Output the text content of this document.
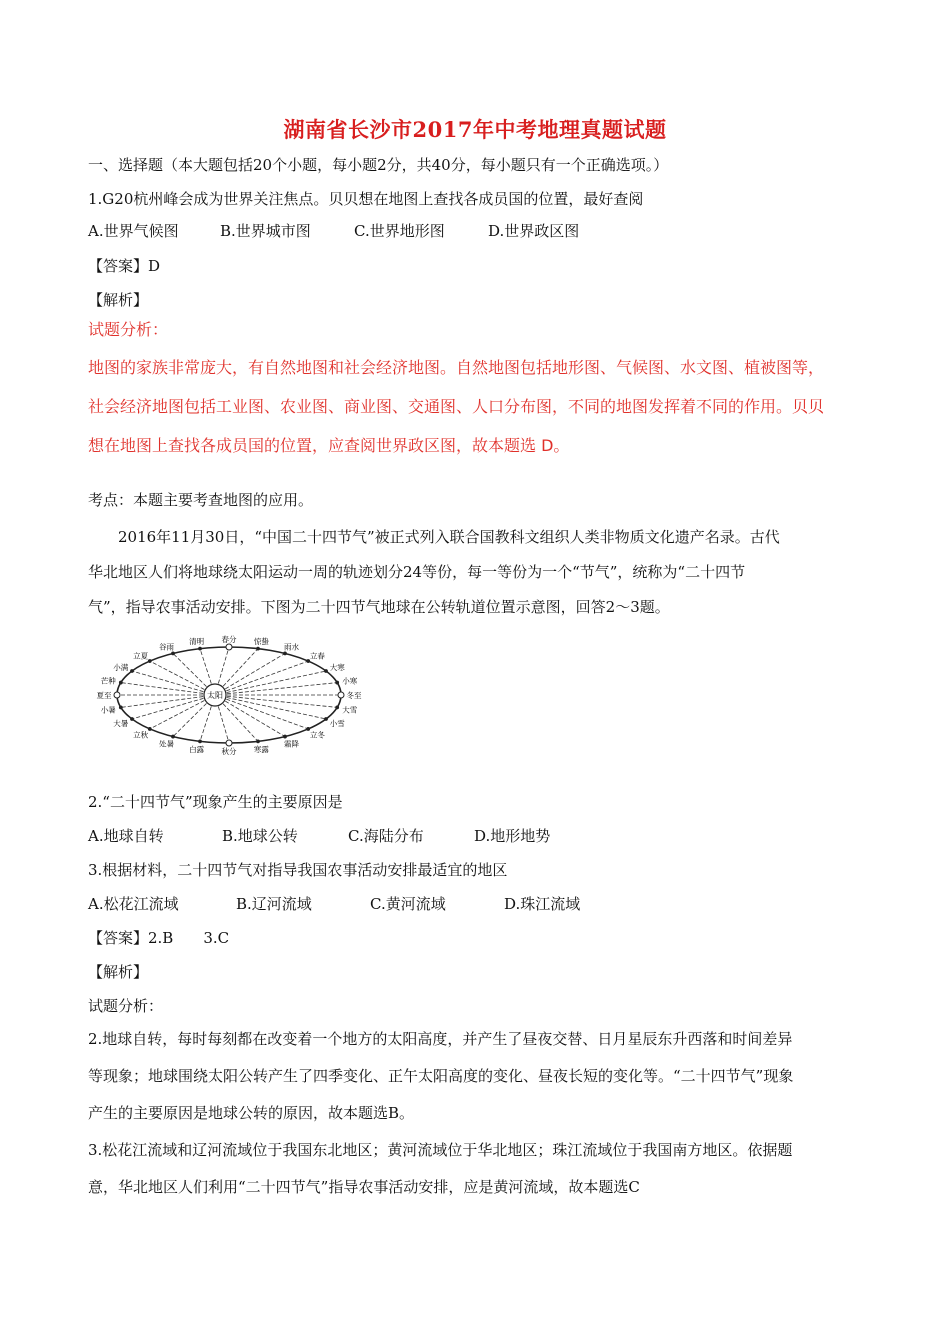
湖南省长沙市2017年中考地理真题试题
一、选择题（本大题包括20个小题，每小题2分，共40分，每小题只有一个正确选项。）
1.G20杭州峰会成为世界关注焦点。贝贝想在地图上查找各成员国的位置，最好查阅
A.世界气候图	B.世界城市图	C.世界地形图	D.世界政区图
【答案】D
【解析】
试题分析：
地图的家族非常庞大，有自然地图和社会经济地图。自然地图包括地形图、气候图、水文图、植被图等，
社会经济地图包括工业图、农业图、商业图、交通图、人口分布图，不同的地图发挥着不同的作用。贝贝
想在地图上查找各成员国的位置，应查阅世界政区图，故本题选 D。
考点：本题主要考查地图的应用。
2016年11月30日，“中国二十四节气”被正式列入联合国教科文组织人类非物质文化遗产名录。古代
华北地区人们将地球绕太阳运动一周的轨迹划分24等份，每一等份为一个“节气”，统称为“二十四节
气”，指导农事活动安排。下图为二十四节气地球在公转轨道位置示意图，回答2～3题。
春分
清明
谷雨
立夏
小满
芒种
夏至
小暑
大暑
立秋
处暑
白露 秋分 寒露
霜降
立冬
小雪
大雪
冬至
小寒
大寒
立春
雨水
惊蛰
太阳
2.“二十四节气”现象产生的主要原因是
A.地球自转	B.地球公转	C.海陆分布	D.地形地势
3.根据材料，二十四节气对指导我国农事活动安排最适宜的地区
A.松花江流域	B.辽河流域	C.黄河流域	D.珠江流域
【答案】2.B　　3.C
【解析】
试题分析：
2.地球自转，每时每刻都在改变着一个地方的太阳高度，并产生了昼夜交替、日月星辰东升西落和时间差异
等现象；地球围绕太阳公转产生了四季变化、正午太阳高度的变化、昼夜长短的变化等。“二十四节气”现象
产生的主要原因是地球公转的原因，故本题选B。
3.松花江流域和辽河流域位于我国东北地区；黄河流域位于华北地区；珠江流域位于我国南方地区。依据题
意，华北地区人们利用“二十四节气”指导农事活动安排，应是黄河流域，故本题选C
